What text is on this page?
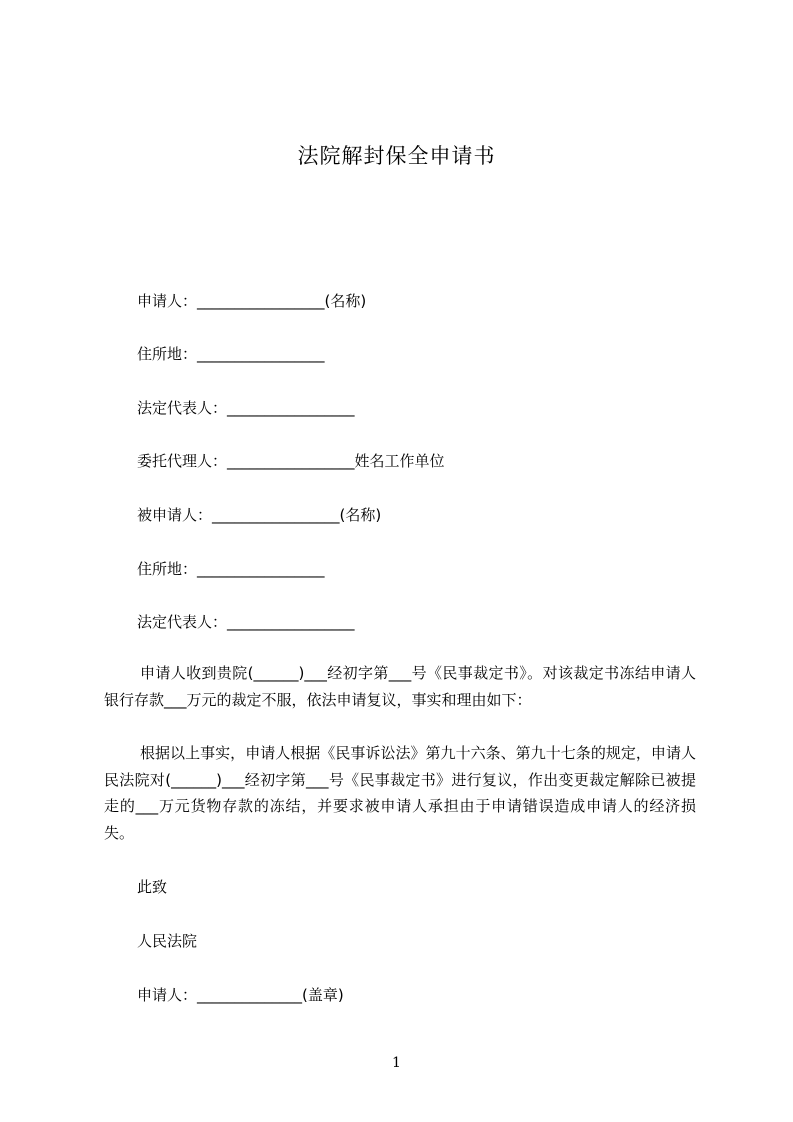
法院解封保全申请书
申请人：_________________(名称)
住所地：_________________
法定代表人：_________________
委托代理人：_________________姓名工作单位
被申请人：_________________(名称)
住所地：_________________
法定代表人：_________________
申请人收到贵院(______)___经初字第___号《民事裁定书》。对该裁定书冻结申请人银行存款___万元的裁定不服，依法申请复议，事实和理由如下：
根据以上事实，申请人根据《民事诉讼法》第九十六条、第九十七条的规定，申请人民法院对(______)___经初字第___号《民事裁定书》进行复议，作出变更裁定解除已被提走的___万元货物存款的冻结，并要求被申请人承担由于申请错误造成申请人的经济损失。
此致
人民法院
申请人：______________(盖章)
1
